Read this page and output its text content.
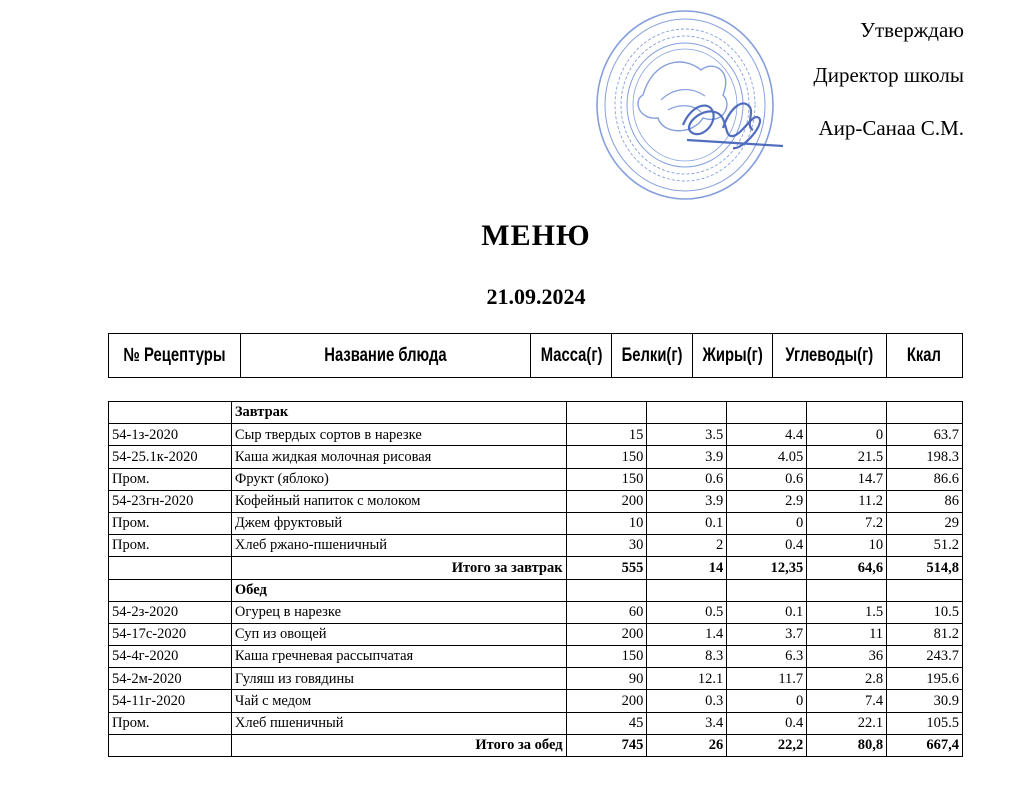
Утверждаю
Директор школы
Аир-Санаа С.М.
МЕНЮ
21.09.2024
№ Рецептуры	Название блюда	Масса(г)	Белки(г)	Жиры(г)	Углеводы(г)	Ккал
	Завтрак					
54-1з-2020	Сыр твердых сортов в нарезке	15	3.5	4.4	0	63.7
54-25.1к-2020	Каша жидкая молочная рисовая	150	3.9	4.05	21.5	198.3
Пром.	Фрукт (яблоко)	150	0.6	0.6	14.7	86.6
54-23гн-2020	Кофейный напиток с молоком	200	3.9	2.9	11.2	86
Пром.	Джем фруктовый	10	0.1	0	7.2	29
Пром.	Хлеб ржано-пшеничный	30	2	0.4	10	51.2
	Итого за завтрак	555	14	12,35	64,6	514,8
	Обед					
54-2з-2020	Огурец в нарезке	60	0.5	0.1	1.5	10.5
54-17с-2020	Суп из овощей	200	1.4	3.7	11	81.2
54-4г-2020	Каша гречневая рассыпчатая	150	8.3	6.3	36	243.7
54-2м-2020	Гуляш из говядины	90	12.1	11.7	2.8	195.6
54-11г-2020	Чай с медом	200	0.3	0	7.4	30.9
Пром.	Хлеб пшеничный	45	3.4	0.4	22.1	105.5
	Итого за обед	745	26	22,2	80,8	667,4
